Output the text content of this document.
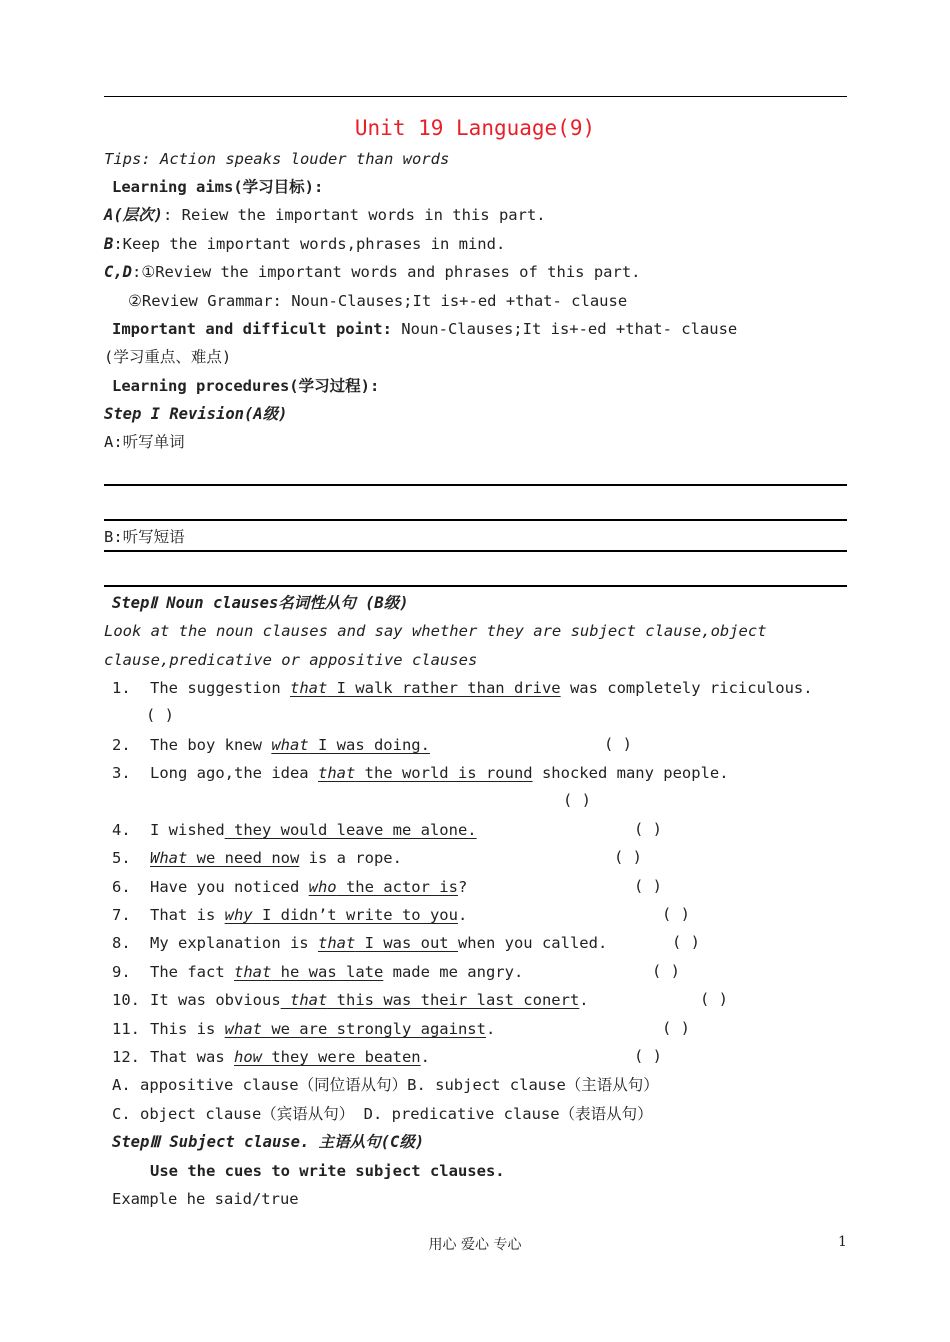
Unit 19 Language(9)
Tips: Action speaks louder than words
Learning aims(学习目标):
A(层次): Reiew the important words in this part.
B:Keep the important words,phrases in mind.
C,D:①Review the important words and phrases of this part.
②Review Grammar: Noun-Clauses;It is+-ed +that- clause
Important and difficult point: Noun-Clauses;It is+-ed +that- clause
(学习重点、难点)
Learning procedures(学习过程):
Step I Revision(A级)
A:听写单词
B:听写短语
StepⅡ Noun clauses名词性从句 (B级)
Look at the noun clauses and say whether they are subject clause,object
clause,predicative or appositive clauses
1. The suggestion that I walk rather than drive was completely riciculous.
( )
2. The boy knew what I was doing.	( )
3. Long ago,the idea that the world is round shocked many people.
( )
4. I wished they would leave me alone.	( )
5. What we need now is a rope.	( )
6. Have you noticed who the actor is?	( )
7. That is why I didn’t write to you.	( )
8. My explanation is that I was out when you called.	( )
9. The fact that he was late made me angry.	( )
10. It was obvious that this was their last conert.	( )
11. This is what we are strongly against.	( )
12. That was how they were beaten.	( )
A. appositive clause（同位语从句）B. subject clause（主语从句）
C. object clause（宾语从句） D. predicative clause（表语从句）
StepⅢ Subject clause. 主语从句(C级)
Use the cues to write subject clauses.
Example he said/true
用心 爱心 专心	1
